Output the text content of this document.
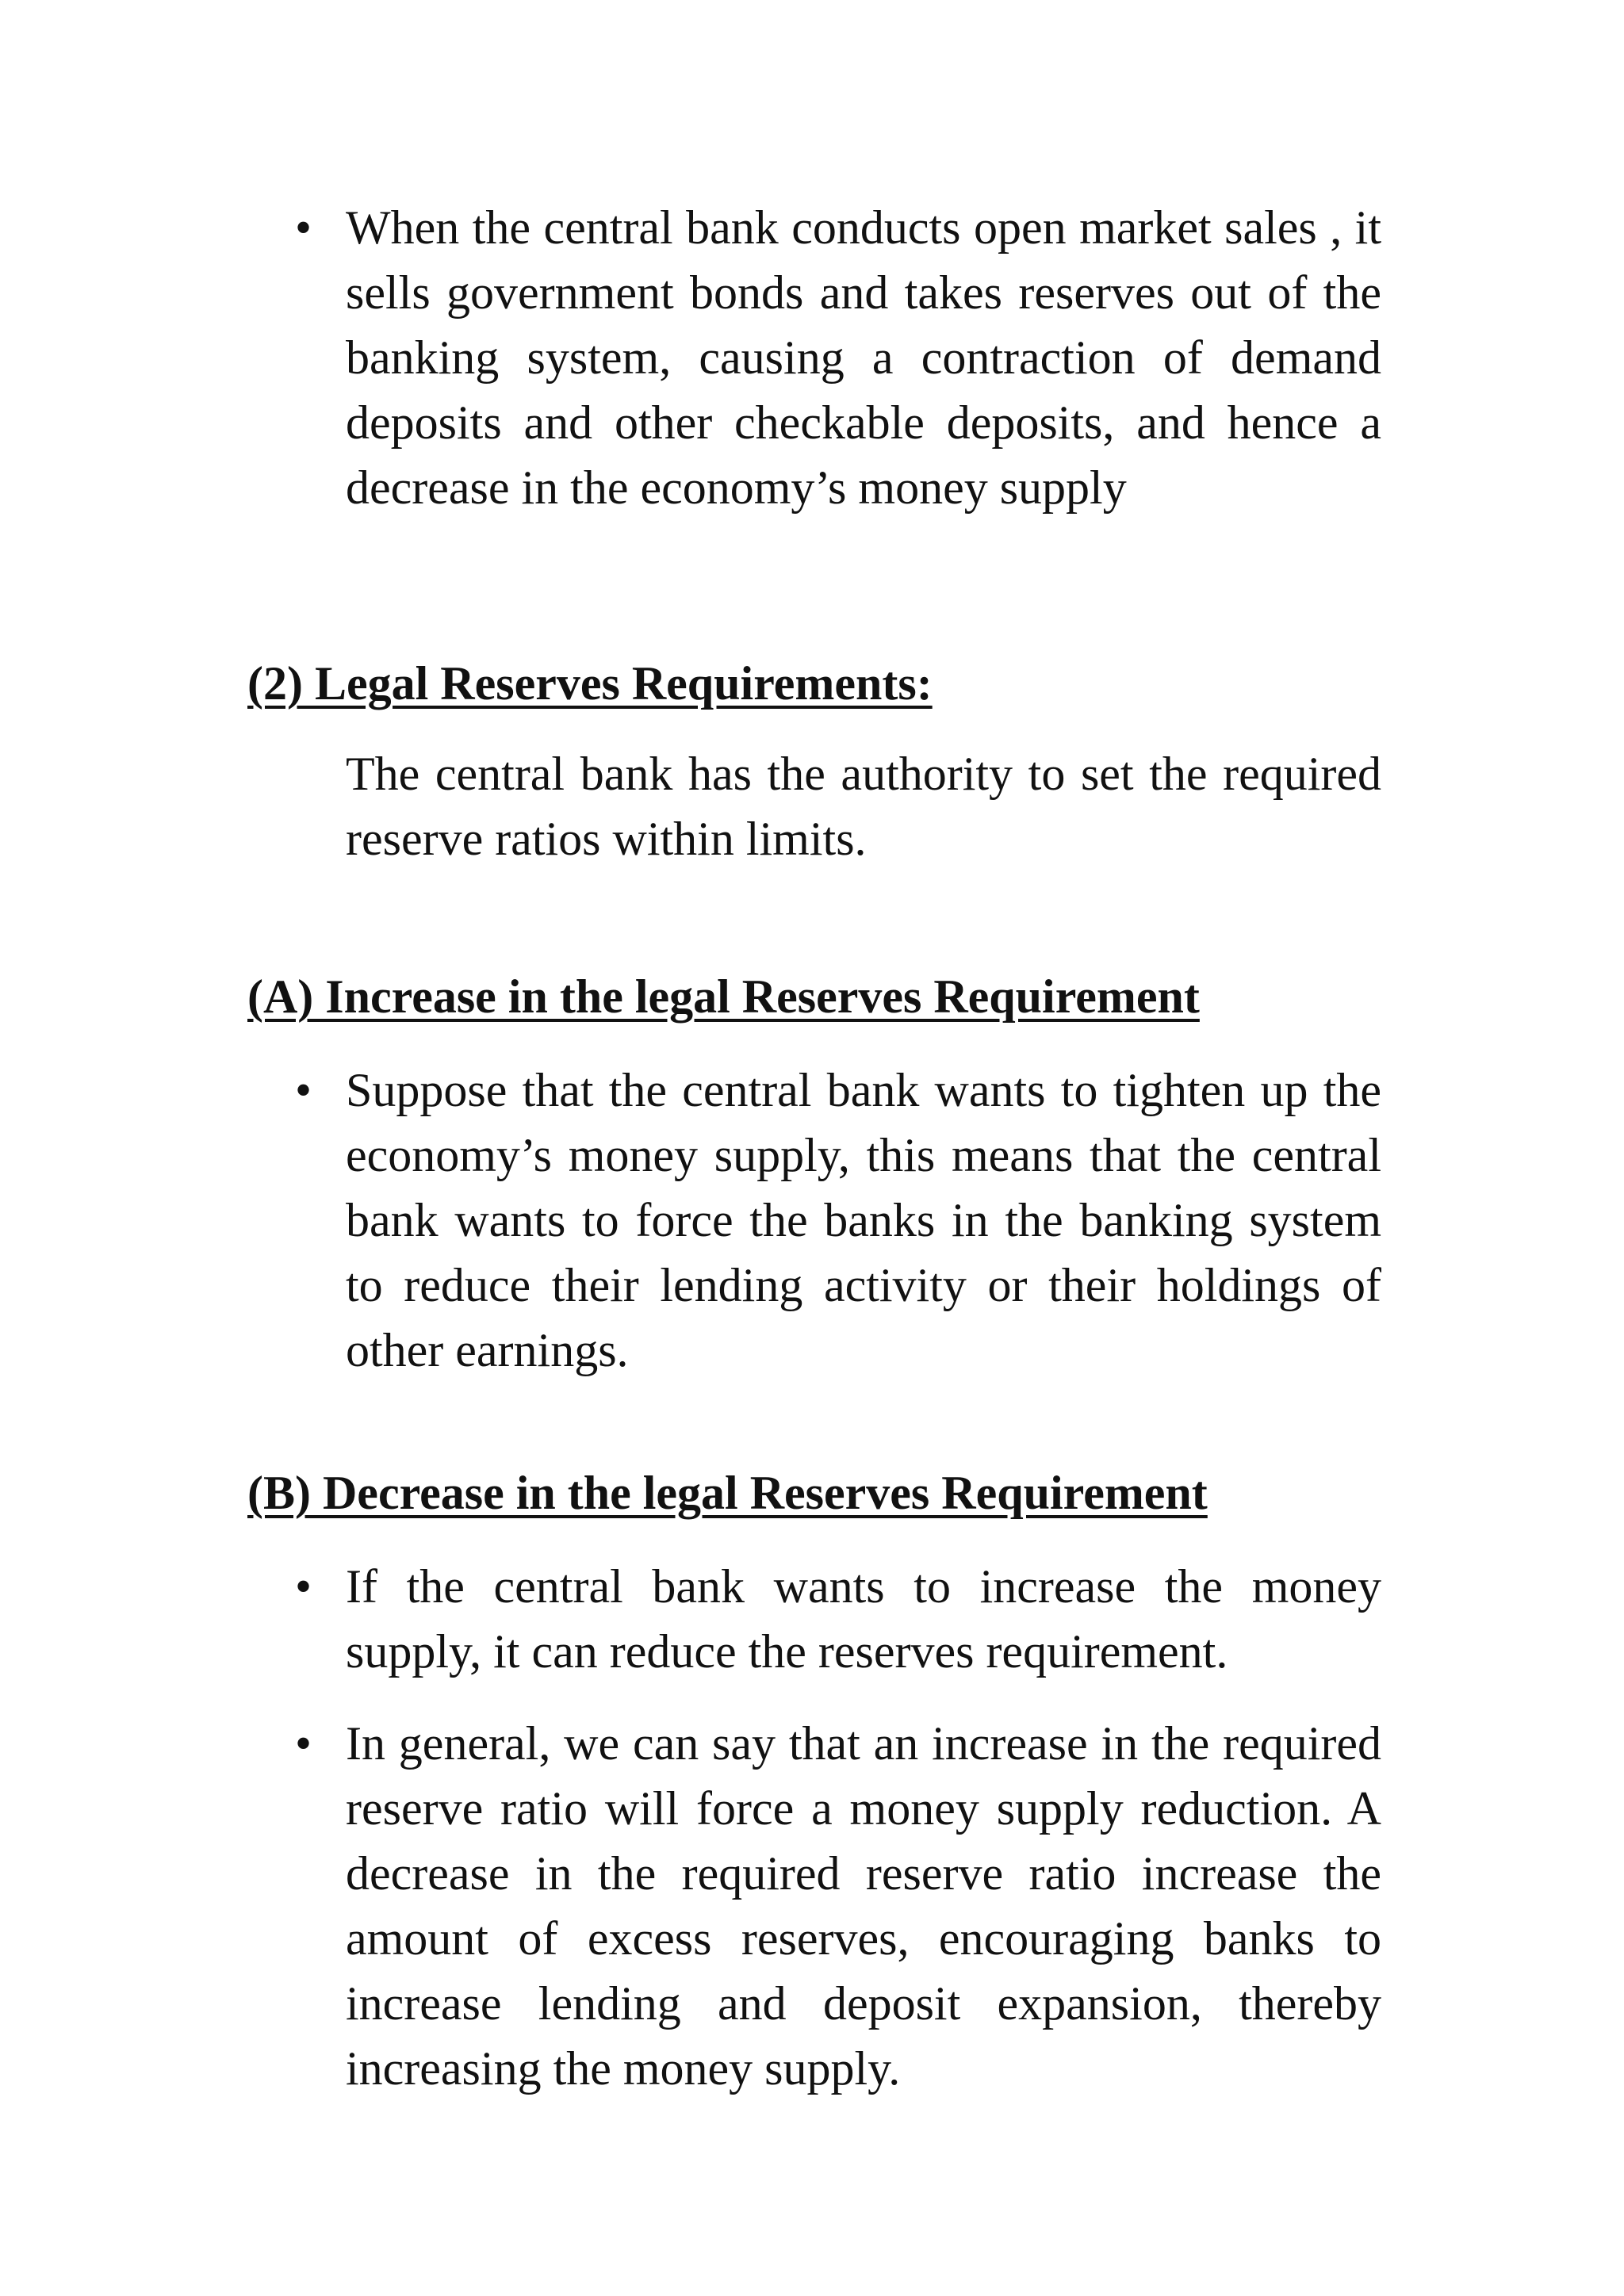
• When the central bank conducts open market sales , it sells government bonds and takes reserves out of the banking system, causing a contraction of demand deposits and other checkable deposits, and hence a decrease in the economy’s money supply

(2) Legal Reserves Requirements:

The central bank has the authority to set the required reserve ratios within limits.

(A) Increase in the legal Reserves Requirement
• Suppose that the central bank wants to tighten up the economy’s money supply, this means that the central bank wants to force the banks in the banking system to reduce their lending activity or their holdings of other earnings.

(B) Decrease in the legal Reserves Requirement
• If the central bank wants to increase the money supply, it can reduce the reserves requirement.

• In general, we can say that an increase in the required reserve ratio will force a money supply reduction. A decrease in the required reserve ratio increase the amount of excess reserves, encouraging banks to increase lending and deposit expansion, thereby increasing the money supply.
